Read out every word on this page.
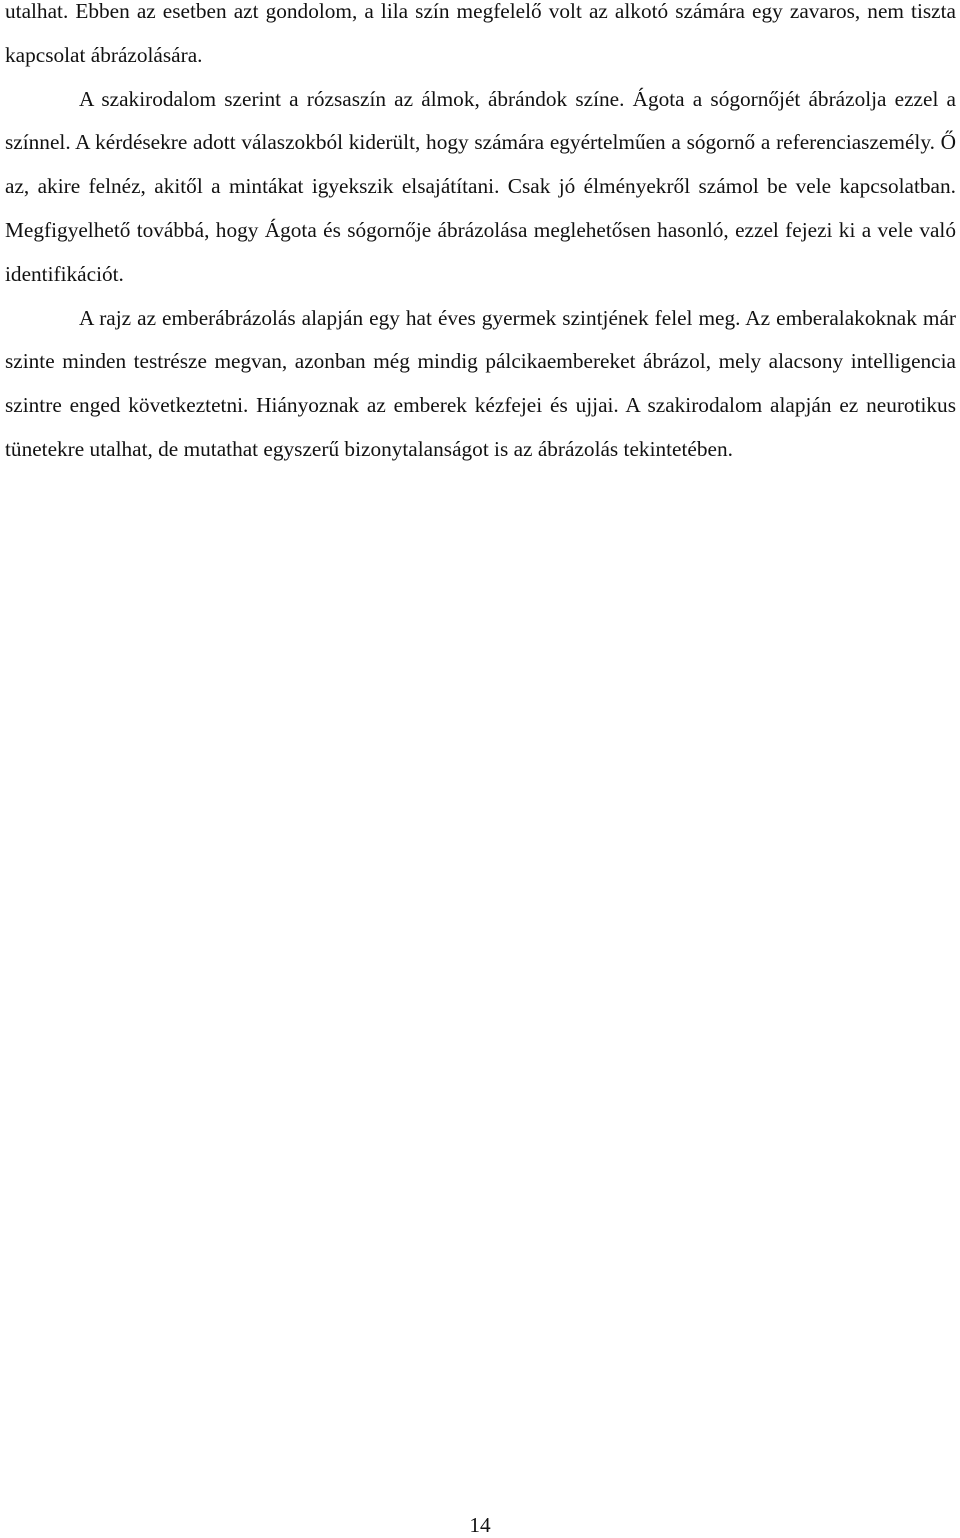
utalhat. Ebben az esetben azt gondolom, a lila szín megfelelő volt az alkotó számára egy zavaros, nem tiszta kapcsolat ábrázolására.

A szakirodalom szerint a rózsaszín az álmok, ábrándok színe. Ágota a sógornőjét ábrázolja ezzel a színnel. A kérdésekre adott válaszokból kiderült, hogy számára egyértelműen a sógornő a referenciaszemély. Ő az, akire felnéz, akitől a mintákat igyekszik elsajátítani. Csak jó élményekről számol be vele kapcsolatban. Megfigyelhető továbbá, hogy Ágota és sógornője ábrázolása meglehetősen hasonló, ezzel fejezi ki a vele való identifikációt.

A rajz az emberábrázolás alapján egy hat éves gyermek szintjének felel meg. Az emberalakoknak már szinte minden testrésze megvan, azonban még mindig pálcikaembereket ábrázol, mely alacsony intelligencia szintre enged következtetni. Hiányoznak az emberek kézfejei és ujjai. A szakirodalom alapján ez neurotikus tünetekre utalhat, de mutathat egyszerű bizonytalanságot is az ábrázolás tekintetében.

14
